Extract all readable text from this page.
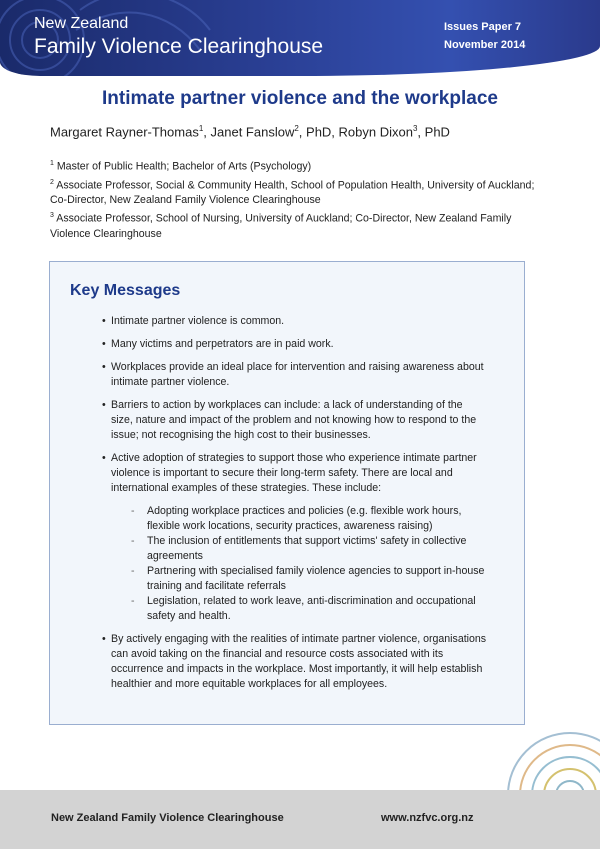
New Zealand
Family Violence Clearinghouse
Issues Paper 7
November 2014
Intimate partner violence and the workplace
Margaret Rayner-Thomas$^1$, Janet Fanslow$^2$, PhD, Robyn Dixon$^3$, PhD

$^1$ Master of Public Health; Bachelor of Arts (Psychology)

$^2$ Associate Professor, Social & Community Health, School of Population Health, University of Auckland; Co-Director, New Zealand Family Violence Clearinghouse

$^3$ Associate Professor, School of Nursing, University of Auckland; Co-Director, New Zealand Family Violence Clearinghouse

Key Messages
• Intimate partner violence is common.
• Many victims and perpetrators are in paid work.
• Workplaces provide an ideal place for intervention and raising awareness about intimate partner violence.
• Barriers to action by workplaces can include: a lack of understanding of the size, nature and impact of the problem and not knowing how to respond to the issue; not recognising the high cost to their businesses.
• Active adoption of strategies to support those who experience intimate partner violence is important to secure their long-term safety. There are local and international examples of these strategies. These include:
- Adopting workplace practices and policies (e.g. flexible work hours, flexible work locations, security practices, awareness raising)
- The inclusion of entitlements that support victims' safety in collective agreements
- Partnering with specialised family violence agencies to support in-house training and facilitate referrals
- Legislation, related to work leave, anti-discrimination and occupational safety and health.
• By actively engaging with the realities of intimate partner violence, organisations can avoid taking on the financial and resource costs associated with its occurrence and impacts in the workplace. Most importantly, it will help establish healthier and more equitable workplaces for all employees.
New Zealand Family Violence Clearinghouse	www.nzfvc.org.nz
